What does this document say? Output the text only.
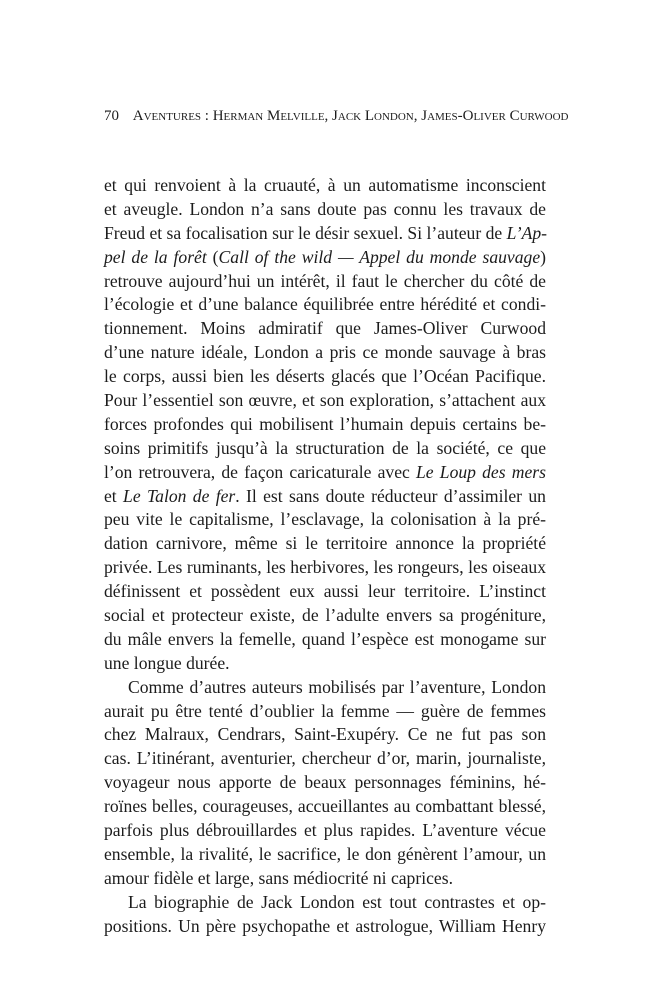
70 Aventures : Herman Melville, Jack London, James-Oliver Curwood
et qui renvoient à la cruauté, à un automatisme inconscient
et aveugle. London n’a sans doute pas connu les travaux de
Freud et sa focalisation sur le désir sexuel. Si l’auteur de L’Ap-
pel de la forêt (Call of the wild — Appel du monde sauvage)
retrouve aujourd’hui un intérêt, il faut le chercher du côté de
l’écologie et d’une balance équilibrée entre hérédité et condi-
tionnement. Moins admiratif que James-Oliver Curwood
d’une nature idéale, London a pris ce monde sauvage à bras
le corps, aussi bien les déserts glacés que l’Océan Pacifique.
Pour l’essentiel son œuvre, et son exploration, s’attachent aux
forces profondes qui mobilisent l’humain depuis certains be-
soins primitifs jusqu’à la structuration de la société, ce que
l’on retrouvera, de façon caricaturale avec Le Loup des mers
et Le Talon de fer. Il est sans doute réducteur d’assimiler un
peu vite le capitalisme, l’esclavage, la colonisation à la pré-
dation carnivore, même si le territoire annonce la propriété
privée. Les ruminants, les herbivores, les rongeurs, les oiseaux
définissent et possèdent eux aussi leur territoire. L’instinct
social et protecteur existe, de l’adulte envers sa progéniture,
du mâle envers la femelle, quand l’espèce est monogame sur
une longue durée.
Comme d’autres auteurs mobilisés par l’aventure, London
aurait pu être tenté d’oublier la femme — guère de femmes
chez Malraux, Cendrars, Saint-Exupéry. Ce ne fut pas son
cas. L’itinérant, aventurier, chercheur d’or, marin, journaliste,
voyageur nous apporte de beaux personnages féminins, hé-
roïnes belles, courageuses, accueillantes au combattant blessé,
parfois plus débrouillardes et plus rapides. L’aventure vécue
ensemble, la rivalité, le sacrifice, le don génèrent l’amour, un
amour fidèle et large, sans médiocrité ni caprices.
La biographie de Jack London est tout contrastes et op-
positions. Un père psychopathe et astrologue, William Henry
